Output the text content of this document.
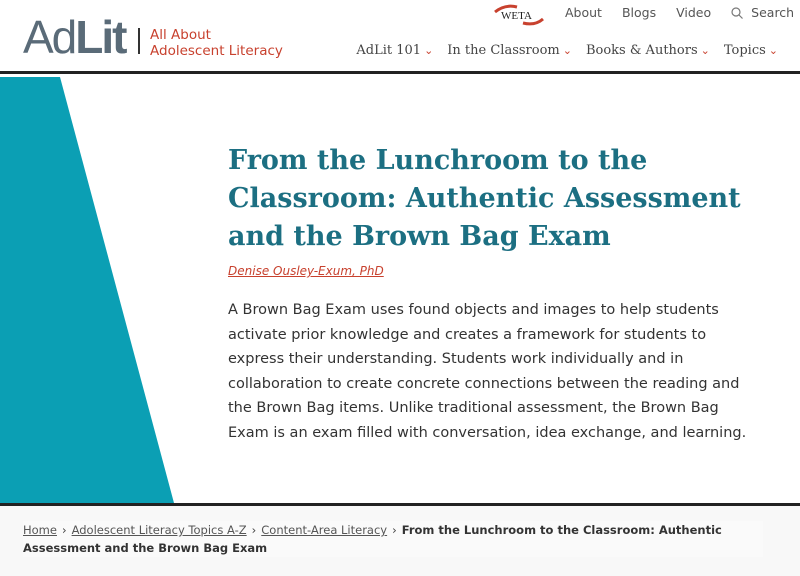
AdLit All About
Adolescent Literacy
WETA	About Blogs Video	Search
AdLit 101 ⌄ In the Classroom ⌄ Books & Authors ⌄ Topics ⌄
From the Lunchroom to the Classroom: Authentic Assessment and the Brown Bag Exam
Denise Ousley-Exum, PhD

A Brown Bag Exam uses found objects and images to help students activate prior knowledge and creates a framework for students to express their understanding. Students work individually and in collaboration to create concrete connections between the reading and the Brown Bag items. Unlike traditional assessment, the Brown Bag Exam is an exam filled with conversation, idea exchange, and learning.

Home › Adolescent Literacy Topics A-Z › Content-Area Literacy › From the Lunchroom to the Classroom: Authentic Assessment and the Brown Bag Exam
